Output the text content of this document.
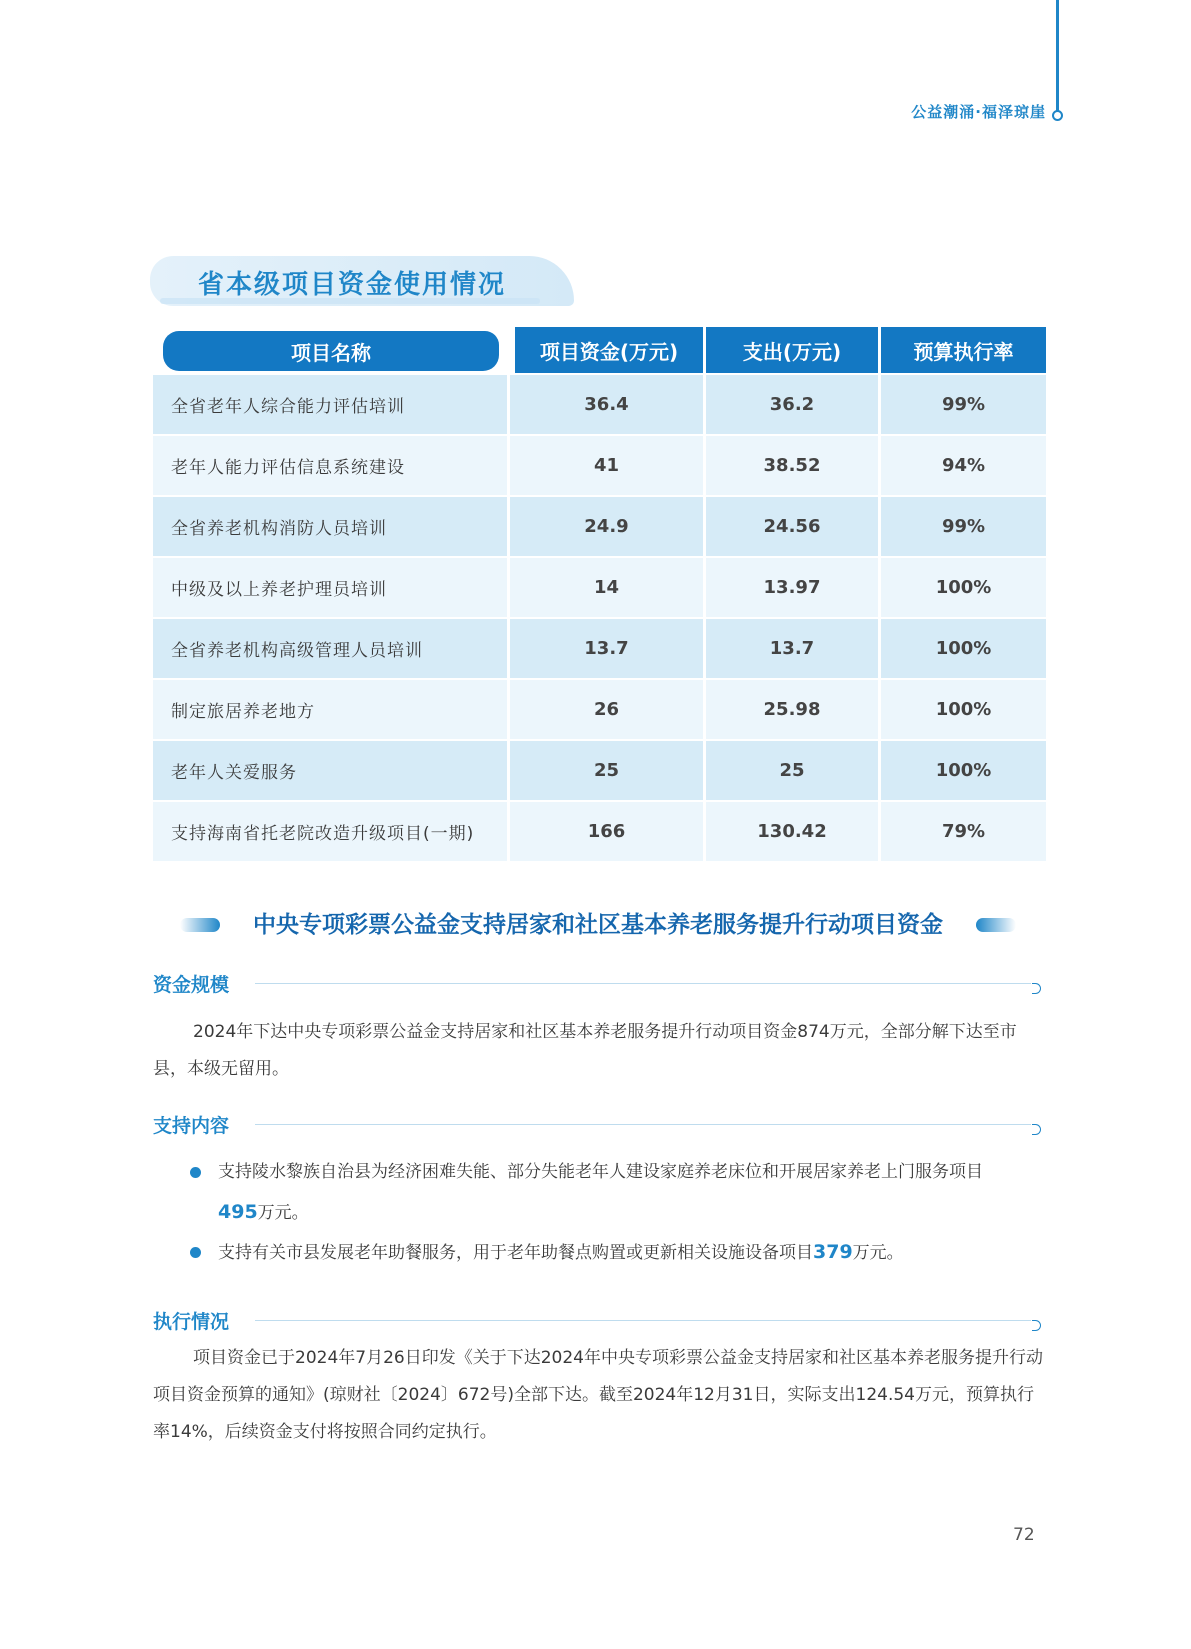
公益潮涌·福泽琼崖
省本级项目资金使用情况
项目名称	项目资金(万元)	支出(万元)	预算执行率
全省老年人综合能力评估培训	36.4	36.2	99%
老年人能力评估信息系统建设	41	38.52	94%
全省养老机构消防人员培训	24.9	24.56	99%
中级及以上养老护理员培训	14	13.97	100%
全省养老机构高级管理人员培训	13.7	13.7	100%
制定旅居养老地方	26	25.98	100%
老年人关爱服务	25	25	100%
支持海南省托老院改造升级项目(一期)	166	130.42	79%
中央专项彩票公益金支持居家和社区基本养老服务提升行动项目资金
资金规模
2024年下达中央专项彩票公益金支持居家和社区基本养老服务提升行动项目资金874万元，全部分解下达至市县，本级无留用。
支持内容
支持陵水黎族自治县为经济困难失能、部分失能老年人建设家庭养老床位和开展居家养老上门服务项目495万元。
支持有关市县发展老年助餐服务，用于老年助餐点购置或更新相关设施设备项目379万元。
执行情况
项目资金已于2024年7月26日印发《关于下达2024年中央专项彩票公益金支持居家和社区基本养老服务提升行动项目资金预算的通知》(琼财社〔2024〕672号)全部下达。截至2024年12月31日，实际支出124.54万元，预算执行率14%，后续资金支付将按照合同约定执行。
72
